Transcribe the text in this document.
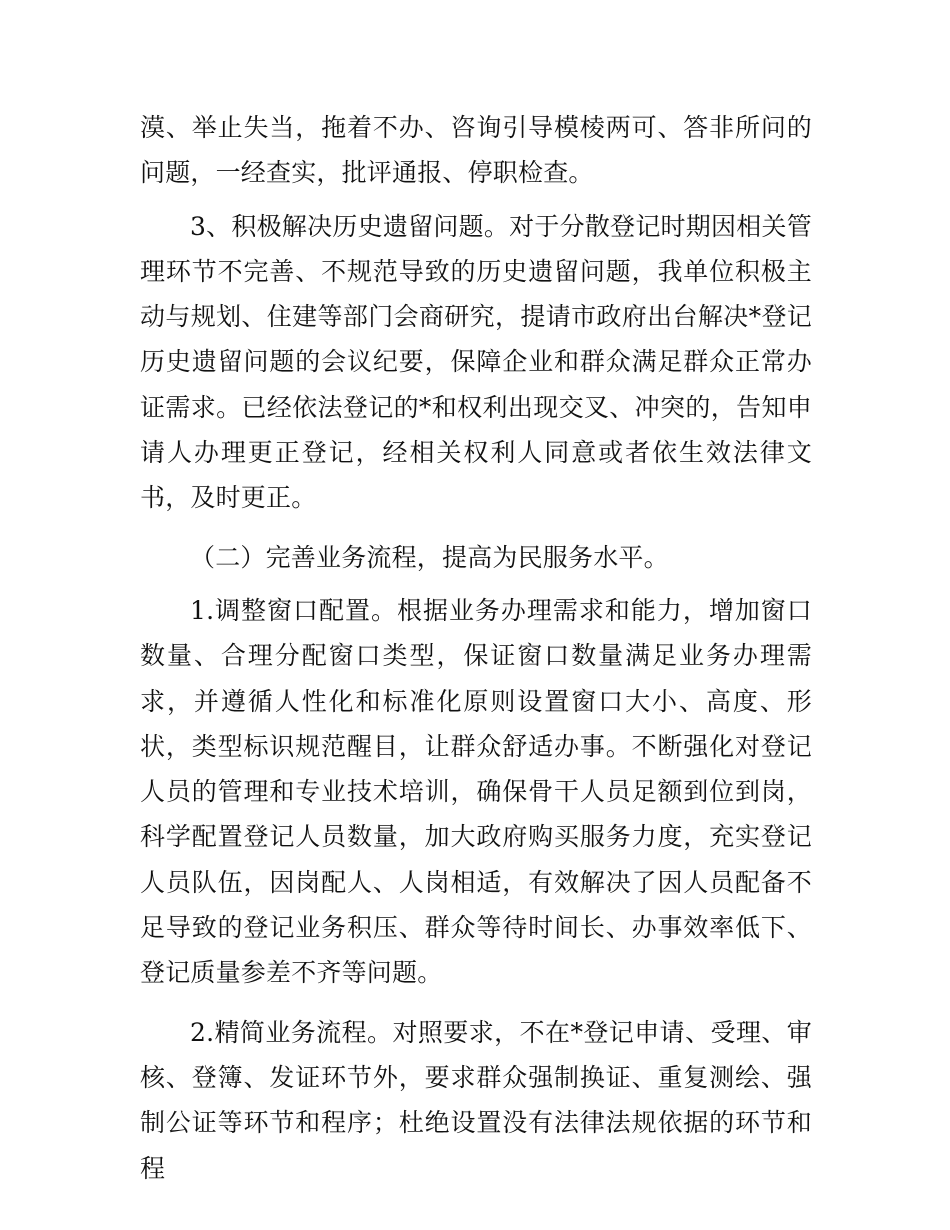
漠、举止失当，拖着不办、咨询引导模棱两可、答非所问的问题，一经查实，批评通报、停职检查。

3、积极解决历史遗留问题。对于分散登记时期因相关管理环节不完善、不规范导致的历史遗留问题，我单位积极主动与规划、住建等部门会商研究，提请市政府出台解决*登记历史遗留问题的会议纪要，保障企业和群众满足群众正常办证需求。已经依法登记的*和权利出现交叉、冲突的，告知申请人办理更正登记，经相关权利人同意或者依生效法律文书，及时更正。

（二）完善业务流程，提高为民服务水平。

1.调整窗口配置。根据业务办理需求和能力，增加窗口数量、合理分配窗口类型，保证窗口数量满足业务办理需求，并遵循人性化和标准化原则设置窗口大小、高度、形状，类型标识规范醒目，让群众舒适办事。不断强化对登记人员的管理和专业技术培训，确保骨干人员足额到位到岗，科学配置登记人员数量，加大政府购买服务力度，充实登记人员队伍，因岗配人、人岗相适，有效解决了因人员配备不足导致的登记业务积压、群众等待时间长、办事效率低下、登记质量参差不齐等问题。

2.精简业务流程。对照要求，不在*登记申请、受理、审核、登簿、发证环节外，要求群众强制换证、重复测绘、强制公证等环节和程序；杜绝设置没有法律法规依据的环节和程
